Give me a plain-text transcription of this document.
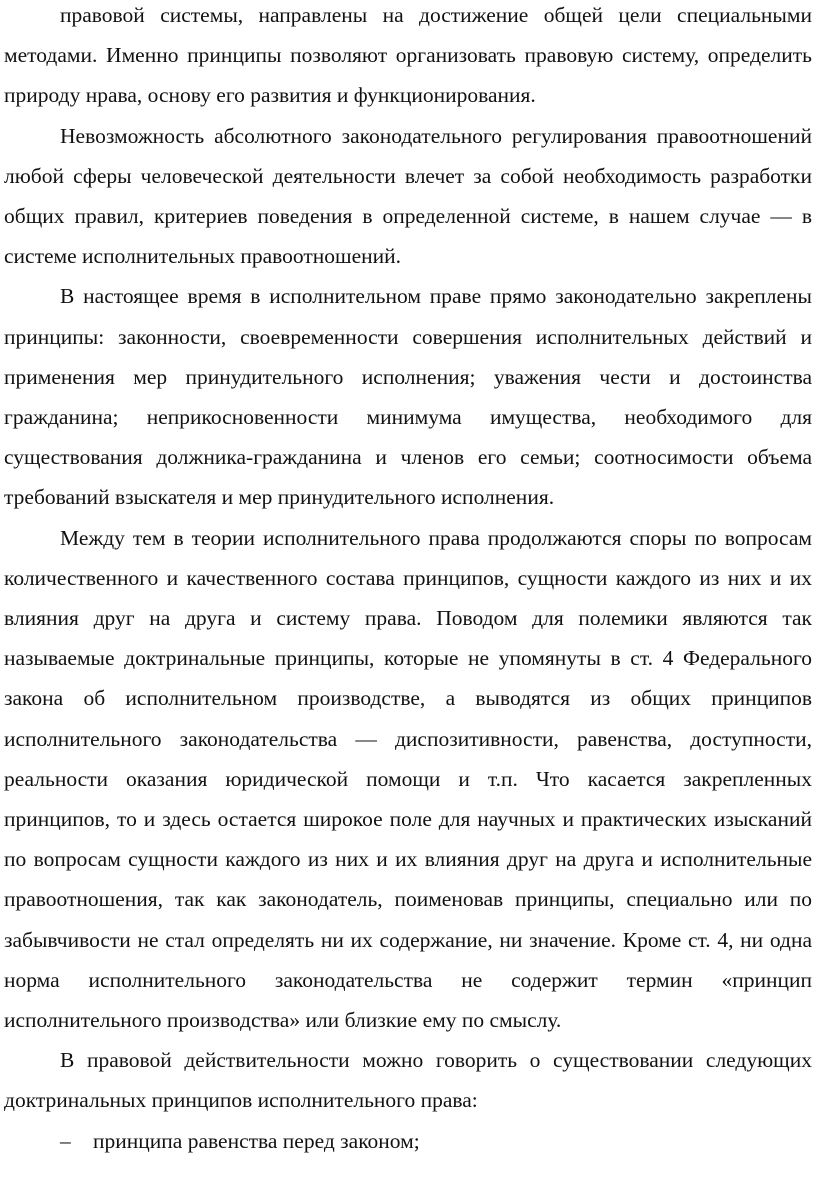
правовой системы, направлены на достижение общей цели специальными методами. Именно принципы позволяют организовать правовую систему, определить природу нрава, основу его развития и функционирования.

Невозможность абсолютного законодательного регулирования правоотношений любой сферы человеческой деятельности влечет за собой необходимость разработки общих правил, критериев поведения в определенной системе, в нашем случае — в системе исполнительных правоотношений.

В настоящее время в исполнительном праве прямо законодательно закреплены принципы: законности, своевременности совершения исполнительных действий и применения мер принудительного исполнения; уважения чести и достоинства гражданина; неприкосновенности минимума имущества, необходимого для существования должника-гражданина и членов его семьи; соотносимости объема требований взыскателя и мер принудительного исполнения.

Между тем в теории исполнительного права продолжаются споры по вопросам количественного и качественного состава принципов, сущности каждого из них и их влияния друг на друга и систему права. Поводом для полемики являются так называемые доктринальные принципы, которые не упомянуты в ст. 4 Федерального закона об исполнительном производстве, а выводятся из общих принципов исполнительного законодательства — диспозитивности, равенства, доступности, реальности оказания юридической помощи и т.п. Что касается закрепленных принципов, то и здесь остается широкое поле для научных и практических изысканий по вопросам сущности каждого из них и их влияния друг на друга и исполнительные правоотношения, так как законодатель, поименовав принципы, специально или по забывчивости не стал определять ни их содержание, ни значение. Кроме ст. 4, ни одна норма исполнительного законодательства не содержит термин «принцип исполнительного производства» или близкие ему по смыслу.

В правовой действительности можно говорить о существовании следующих доктринальных принципов исполнительного права:

– принципа равенства перед законом;
